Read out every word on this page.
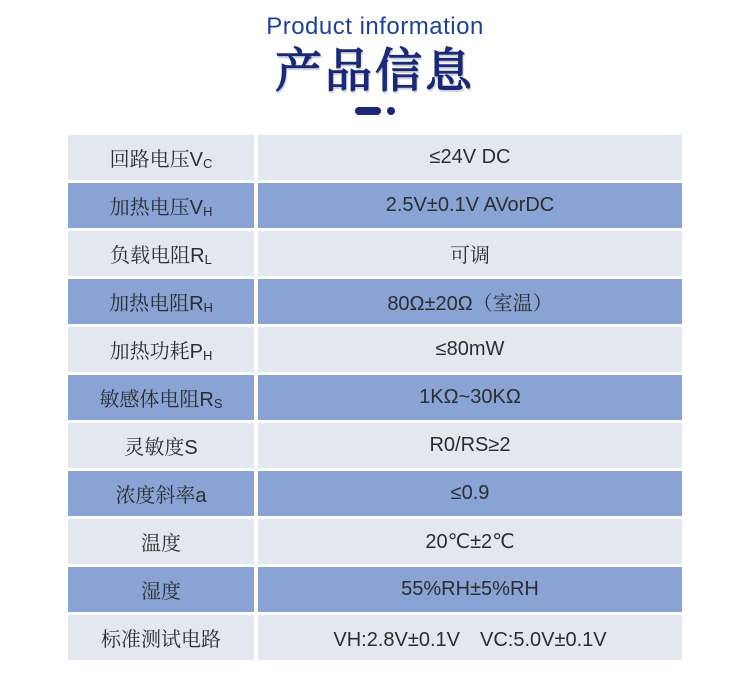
Product information
产品信息
回路电压V C	≤24V DC
加热电压V H	2.5V±0.1V AVorDC
负载电阻R L	可调
加热电阻R H	80Ω±20Ω（室温）
加热功耗P H	≤80mW
敏感体电阻R S	1KΩ~30KΩ
灵敏度S	R0/RS≥2
浓度斜率a	≤0.9
温度	20℃±2℃
湿度	55%RH±5%RH
标准测试电路	VH:2.8V±0.1V　VC:5.0V±0.1V
